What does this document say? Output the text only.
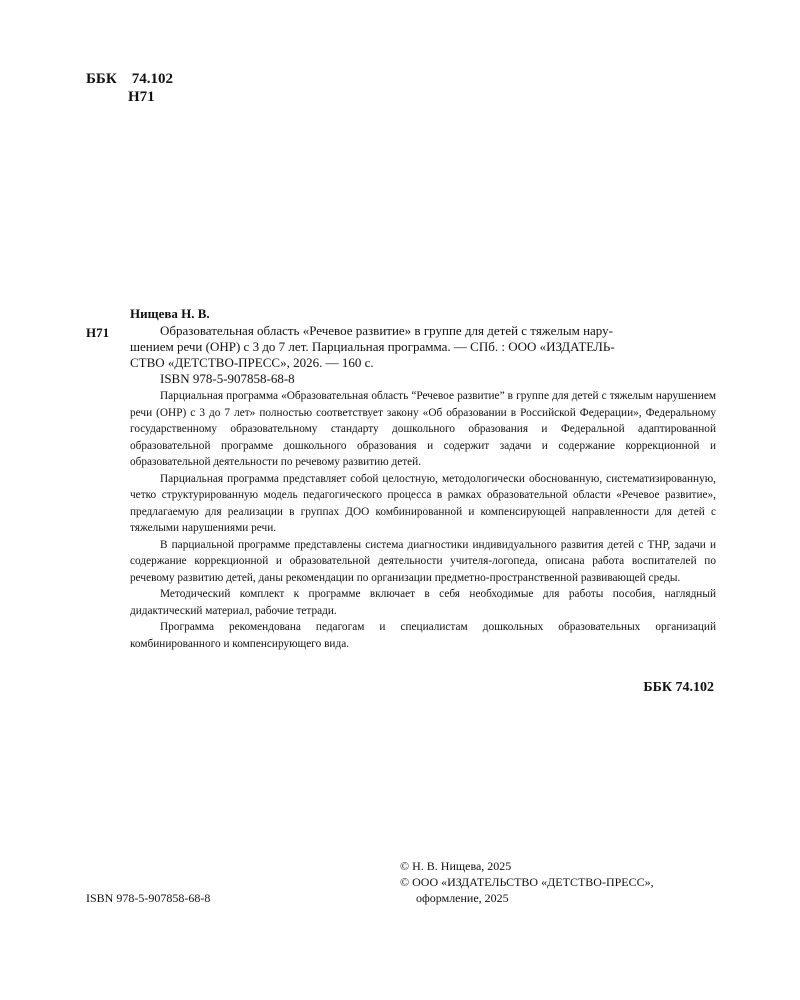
ББК 74.102
Н71
Нищева Н. В.
Н71	Образовательная область «Речевое развитие» в группе для детей с тяжелым нару-
шением речи (ОНР) с 3 до 7 лет. Парциальная программа. — СПб. : ООО «ИЗДАТЕЛЬ-
СТВО «ДЕТСТВО-ПРЕСС», 2026. — 160 с.
ISBN 978-5-907858-68-8

Парциальная программа «Образовательная область “Речевое развитие” в группе для детей с тяжелым нарушением речи (ОНР) с 3 до 7 лет» полностью соответствует закону «Об образовании в Российской Федерации», Федеральному государственному образовательному стандарту дошкольного образования и Федеральной адаптированной образовательной программе дошкольного образования и содержит задачи и содержание коррекционной и образовательной деятельности по речевому развитию детей.

Парциальная программа представляет собой целостную, методологически обоснованную, систематизированную, четко структурированную модель педагогического процесса в рамках образовательной области «Речевое развитие», предлагаемую для реализации в группах ДОО комбинированной и компенсирующей направленности для детей с тяжелыми нарушениями речи.

В парциальной программе представлены система диагностики индивидуального развития детей с ТНР, задачи и содержание коррекционной и образовательной деятельности учителя-логопеда, описана работа воспитателей по речевому развитию детей, даны рекомендации по организации предметно-пространственной развивающей среды.

Методический комплект к программе включает в себя необходимые для работы пособия, наглядный дидактический материал, рабочие тетради.

Программа рекомендована педагогам и специалистам дошкольных образовательных организаций комбинированного и компенсирующего вида.

ББК 74.102
© Н. В. Нищева, 2025
© ООО «ИЗДАТЕЛЬСТВО «ДЕТСТВО-ПРЕСС»,
оформление, 2025
ISBN 978-5-907858-68-8
